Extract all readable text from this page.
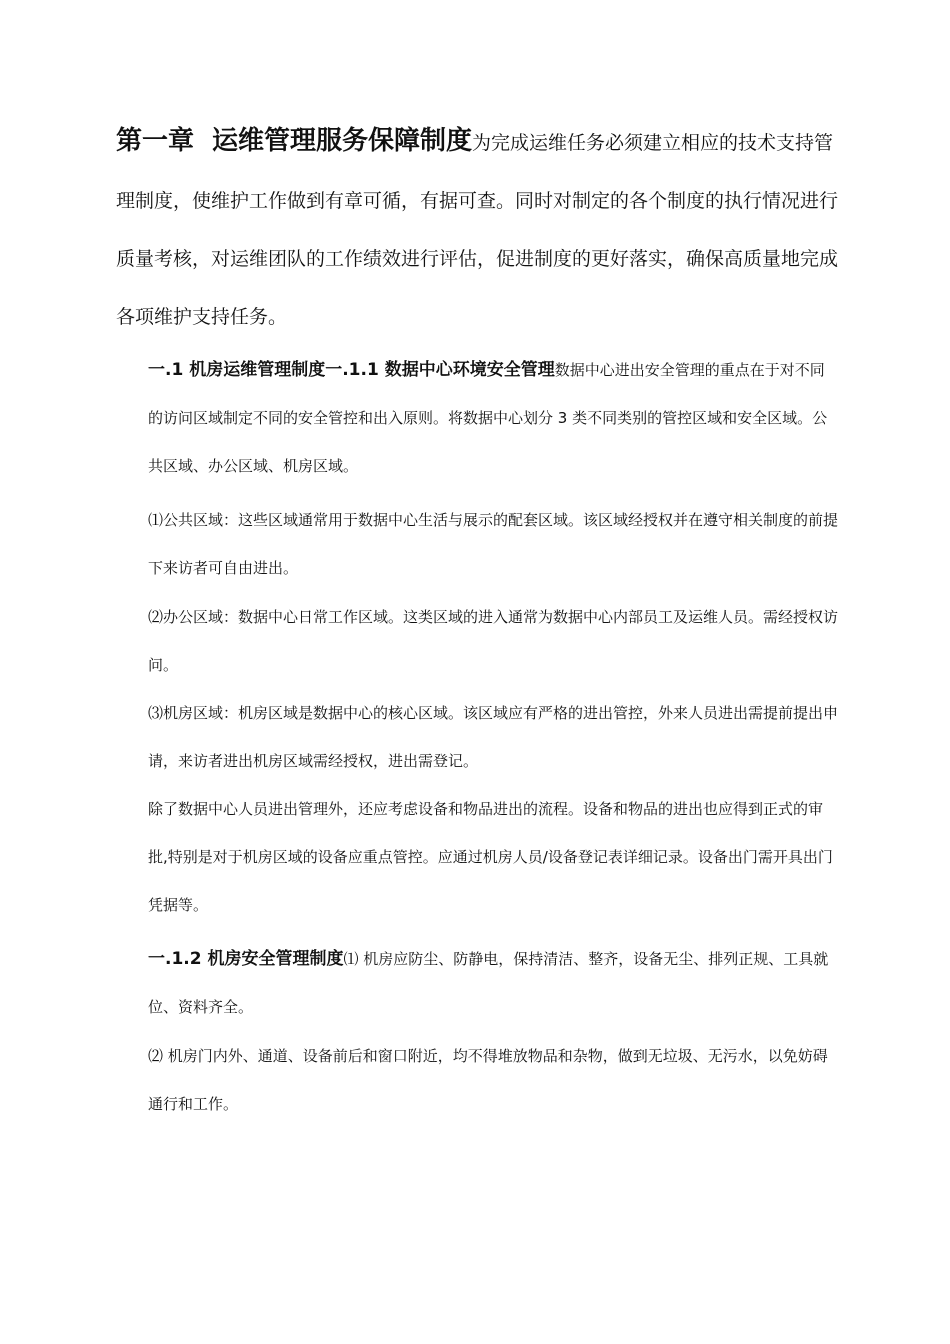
第一章 运维管理服务保障制度为完成运维任务必须建立相应的技术支持管理制度，使维护工作做到有章可循，有据可查。同时对制定的各个制度的执行情况进行质量考核，对运维团队的工作绩效进行评估，促进制度的更好落实，确保高质量地完成各项维护支持任务。

一.1 机房运维管理制度一.1.1 数据中心环境安全管理数据中心进出安全管理的重点在于对不同的访问区域制定不同的安全管控和出入原则。将数据中心划分 3 类不同类别的管控区域和安全区域。公共区域、办公区域、机房区域。

⑴公共区域：这些区域通常用于数据中心生活与展示的配套区域。该区域经授权并在遵守相关制度的前提下来访者可自由进出。

⑵办公区域：数据中心日常工作区域。这类区域的进入通常为数据中心内部员工及运维人员。需经授权访问。

⑶机房区域：机房区域是数据中心的核心区域。该区域应有严格的进出管控，外来人员进出需提前提出申请，来访者进出机房区域需经授权，进出需登记。

除了数据中心人员进出管理外，还应考虑设备和物品进出的流程。设备和物品的进出也应得到正式的审批,特别是对于机房区域的设备应重点管控。应通过机房人员/设备登记表详细记录。设备出门需开具出门凭据等。

一.1.2 机房安全管理制度⑴ 机房应防尘、防静电，保持清洁、整齐，设备无尘、排列正规、工具就位、资料齐全。

⑵ 机房门内外、通道、设备前后和窗口附近，均不得堆放物品和杂物，做到无垃圾、无污水，以免妨碍通行和工作。
